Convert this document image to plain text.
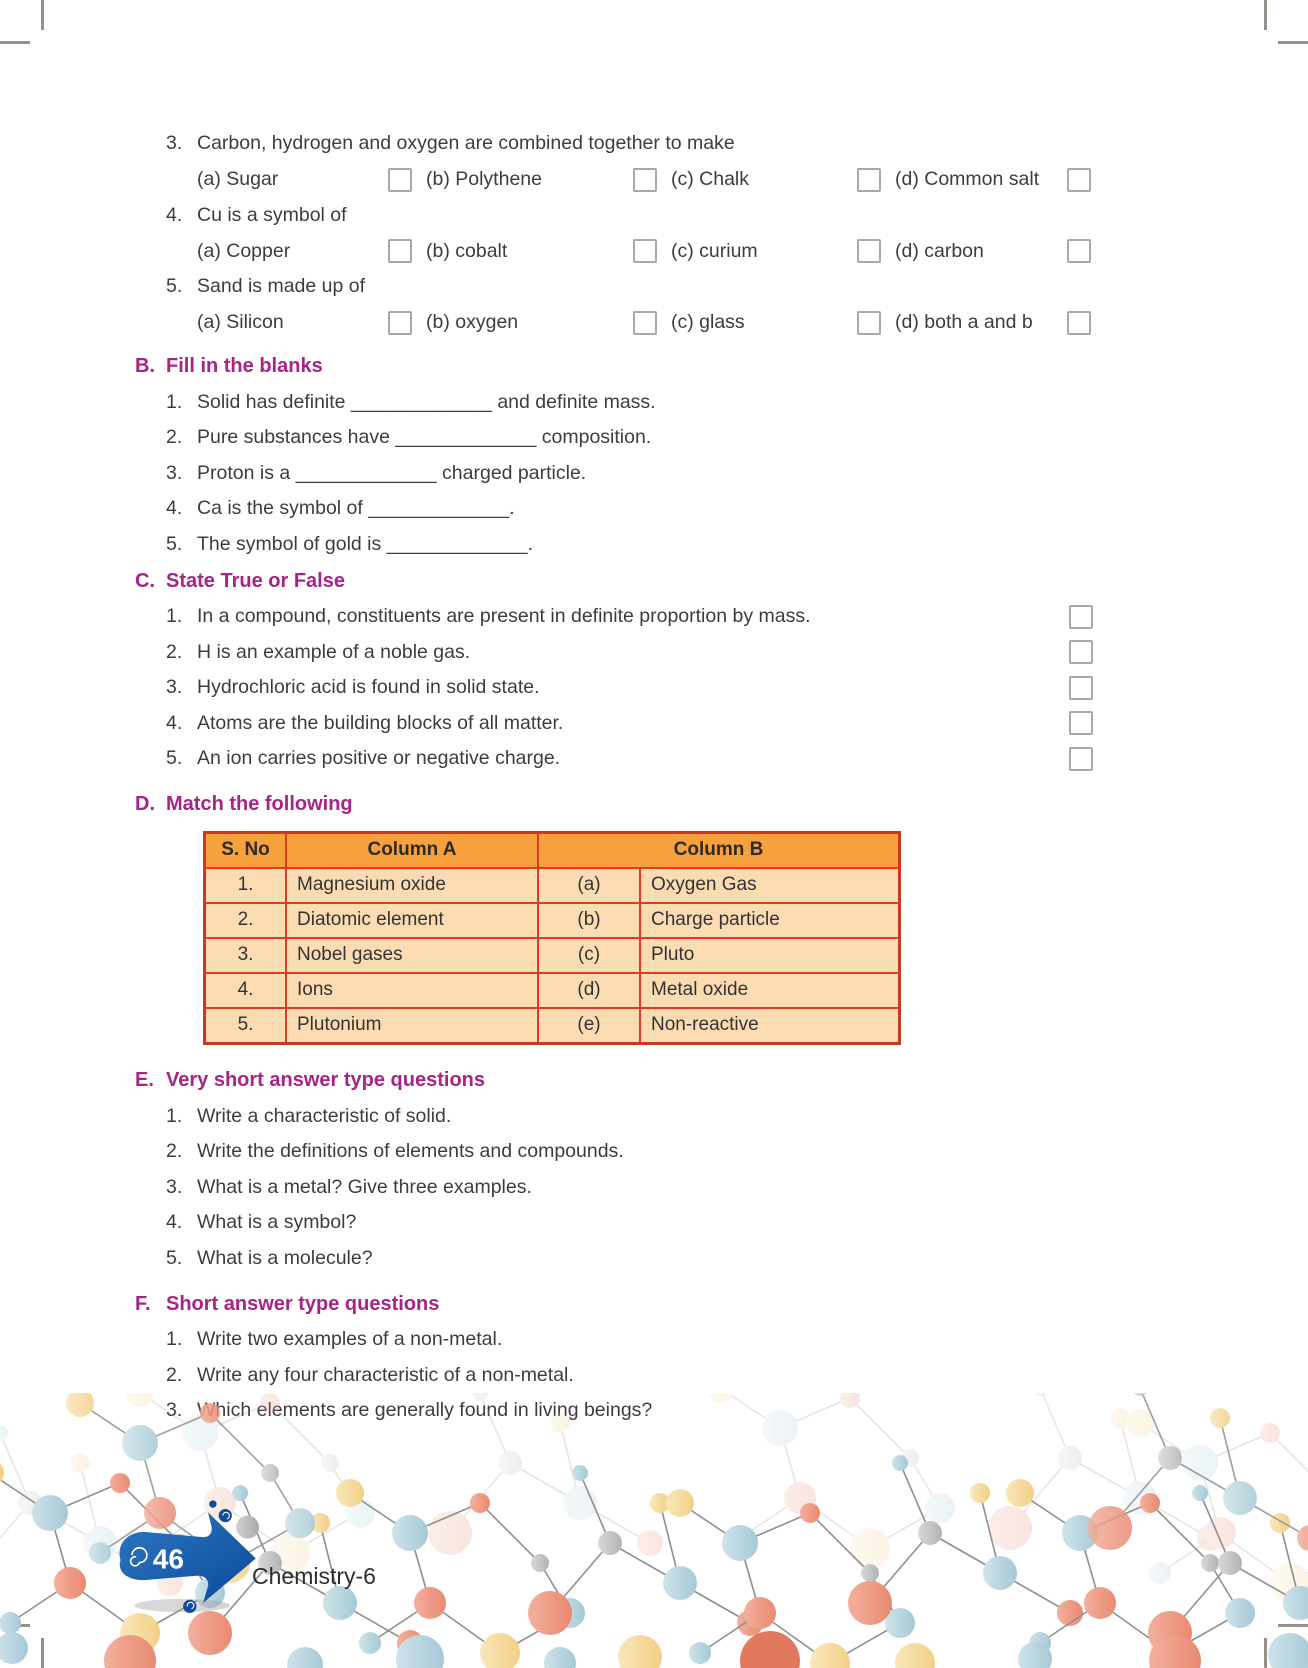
3. Carbon, hydrogen and oxygen are combined together to make
(a) Sugar	(b) Polythene	(c) Chalk	(d) Common salt
4. Cu is a symbol of
(a) Copper	(b) cobalt	(c) curium	(d) carbon
5. Sand is made up of
(a) Silicon	(b) oxygen	(c) glass	(d) both a and b
B. Fill in the blanks
1. Solid has definite _____________ and definite mass.
2. Pure substances have _____________ composition.
3. Proton is a _____________ charged particle.
4. Ca is the symbol of _____________.
5. The symbol of gold is _____________.
C. State True or False
1. In a compound, constituents are present in definite proportion by mass.
2. H is an example of a noble gas.
3. Hydrochloric acid is found in solid state.
4. Atoms are the building blocks of all matter.
5. An ion carries positive or negative charge.
D. Match the following
S. No	Column A	Column B	
1.	Magnesium oxide	(a)	Oxygen Gas
2.	Diatomic element	(b)	Charge particle
3.	Nobel gases	(c)	Pluto
4.	Ions	(d)	Metal oxide
5.	Plutonium	(e)	Non-reactive
E. Very short answer type questions
1. Write a characteristic of solid.
2. Write the definitions of elements and compounds.
3. What is a metal? Give three examples.
4. What is a symbol?
5. What is a molecule?
F. Short answer type questions
1. Write two examples of a non-metal.
2. Write any four characteristic of a non-metal.
3. Which elements are generally found in living beings?
46
Chemistry-6
